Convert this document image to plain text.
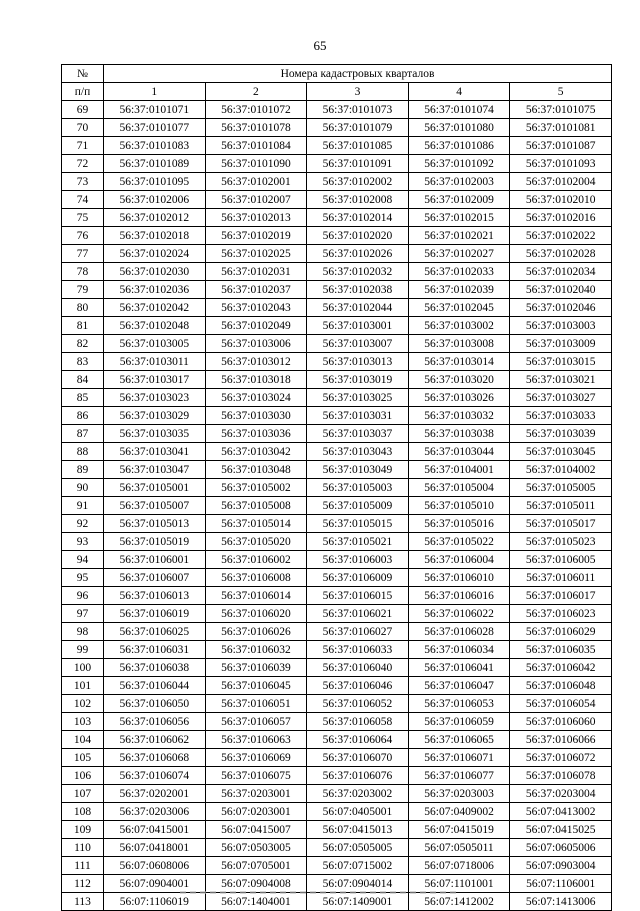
65
№	Номера кадастровых кварталов				
п/п	1	2	3	4	5
69	56:37:0101071	56:37:0101072	56:37:0101073	56:37:0101074	56:37:0101075
70	56:37:0101077	56:37:0101078	56:37:0101079	56:37:0101080	56:37:0101081
71	56:37:0101083	56:37:0101084	56:37:0101085	56:37:0101086	56:37:0101087
72	56:37:0101089	56:37:0101090	56:37:0101091	56:37:0101092	56:37:0101093
73	56:37:0101095	56:37:0102001	56:37:0102002	56:37:0102003	56:37:0102004
74	56:37:0102006	56:37:0102007	56:37:0102008	56:37:0102009	56:37:0102010
75	56:37:0102012	56:37:0102013	56:37:0102014	56:37:0102015	56:37:0102016
76	56:37:0102018	56:37:0102019	56:37:0102020	56:37:0102021	56:37:0102022
77	56:37:0102024	56:37:0102025	56:37:0102026	56:37:0102027	56:37:0102028
78	56:37:0102030	56:37:0102031	56:37:0102032	56:37:0102033	56:37:0102034
79	56:37:0102036	56:37:0102037	56:37:0102038	56:37:0102039	56:37:0102040
80	56:37:0102042	56:37:0102043	56:37:0102044	56:37:0102045	56:37:0102046
81	56:37:0102048	56:37:0102049	56:37:0103001	56:37:0103002	56:37:0103003
82	56:37:0103005	56:37:0103006	56:37:0103007	56:37:0103008	56:37:0103009
83	56:37:0103011	56:37:0103012	56:37:0103013	56:37:0103014	56:37:0103015
84	56:37:0103017	56:37:0103018	56:37:0103019	56:37:0103020	56:37:0103021
85	56:37:0103023	56:37:0103024	56:37:0103025	56:37:0103026	56:37:0103027
86	56:37:0103029	56:37:0103030	56:37:0103031	56:37:0103032	56:37:0103033
87	56:37:0103035	56:37:0103036	56:37:0103037	56:37:0103038	56:37:0103039
88	56:37:0103041	56:37:0103042	56:37:0103043	56:37:0103044	56:37:0103045
89	56:37:0103047	56:37:0103048	56:37:0103049	56:37:0104001	56:37:0104002
90	56:37:0105001	56:37:0105002	56:37:0105003	56:37:0105004	56:37:0105005
91	56:37:0105007	56:37:0105008	56:37:0105009	56:37:0105010	56:37:0105011
92	56:37:0105013	56:37:0105014	56:37:0105015	56:37:0105016	56:37:0105017
93	56:37:0105019	56:37:0105020	56:37:0105021	56:37:0105022	56:37:0105023
94	56:37:0106001	56:37:0106002	56:37:0106003	56:37:0106004	56:37:0106005
95	56:37:0106007	56:37:0106008	56:37:0106009	56:37:0106010	56:37:0106011
96	56:37:0106013	56:37:0106014	56:37:0106015	56:37:0106016	56:37:0106017
97	56:37:0106019	56:37:0106020	56:37:0106021	56:37:0106022	56:37:0106023
98	56:37:0106025	56:37:0106026	56:37:0106027	56:37:0106028	56:37:0106029
99	56:37:0106031	56:37:0106032	56:37:0106033	56:37:0106034	56:37:0106035
100	56:37:0106038	56:37:0106039	56:37:0106040	56:37:0106041	56:37:0106042
101	56:37:0106044	56:37:0106045	56:37:0106046	56:37:0106047	56:37:0106048
102	56:37:0106050	56:37:0106051	56:37:0106052	56:37:0106053	56:37:0106054
103	56:37:0106056	56:37:0106057	56:37:0106058	56:37:0106059	56:37:0106060
104	56:37:0106062	56:37:0106063	56:37:0106064	56:37:0106065	56:37:0106066
105	56:37:0106068	56:37:0106069	56:37:0106070	56:37:0106071	56:37:0106072
106	56:37:0106074	56:37:0106075	56:37:0106076	56:37:0106077	56:37:0106078
107	56:37:0202001	56:37:0203001	56:37:0203002	56:37:0203003	56:37:0203004
108	56:37:0203006	56:07:0203001	56:07:0405001	56:07:0409002	56:07:0413002
109	56:07:0415001	56:07:0415007	56:07:0415013	56:07:0415019	56:07:0415025
110	56:07:0418001	56:07:0503005	56:07:0505005	56:07:0505011	56:07:0605006
111	56:07:0608006	56:07:0705001	56:07:0715002	56:07:0718006	56:07:0903004
112	56:07:0904001	56:07:0904008	56:07:0904014	56:07:1101001	56:07:1106001
113	56:07:1106019	56:07:1404001	56:07:1409001	56:07:1412002	56:07:1413006
